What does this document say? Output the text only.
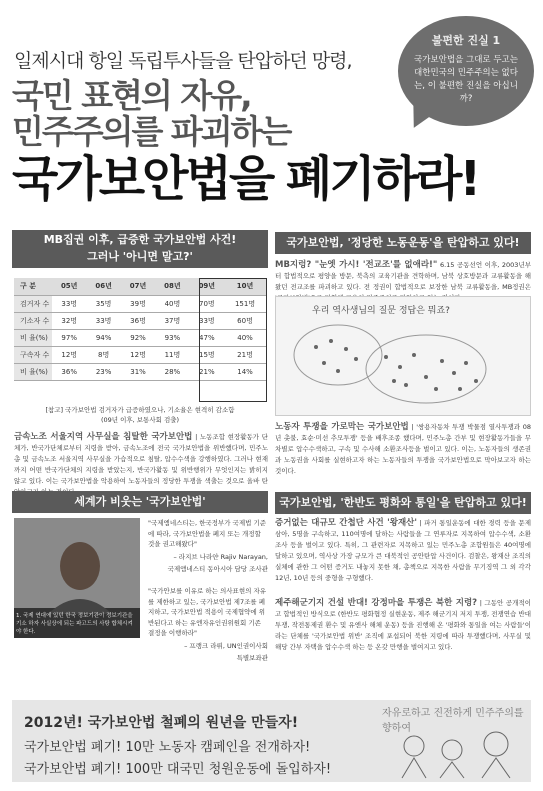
일제시대 항일 독립투사들을 탄압하던 망령,
국민 표현의 자유,
민주주의를 파괴하는
국가보안법을 폐기하라!
불편한 진실 1
국가보안법을 그대로 두고는 대한민국의 민주주의는 없다는, 이 불편한 진실을 아십니까?
MB집권 이후, 급증한 국가보안법 사건!
그러나 '아니면 말고?'
구 분	05년	06년	07년	08년	09년	10년
검거자 수	33명	35명	39명	40명	70명	151명
기소자 수	32명	33명	36명	37명	33명	60명
비 율(%)	97%	94%	92%	93%	47%	40%
구속자 수	12명	8명	12명	11명	15명	21명
비 율(%)	36%	23%	31%	28%	21%	14%
[참고] 국가보안법 검거자가 급증하였으나, 기소율은 현격히 감소함
(09년 이후, 보통사회 검출)
금속노조 서울지역 사무실을 침탈한 국가보안법 | 노동조합 현장활동가 단체가, 반국가단체로부터 지령을 받아, 금속노조에 전국 국가보안법을 위반했다며, 민주노총 및 금속노조 서울지역 사무실을 가습적으로 침탈, 압수수색을 강행하였다. 그러나 현재까지 어떤 반국가단체의 지령을 받았는지, 반국가활동 및 위반행위가 무엇인지는 밝히지 않고 있다. 이는 국가보안법을 악용하여 노동자들의 정당한 투쟁을 색출는 것으로 올바 탄
국가보안법, '정당한 노동운동'을 탄압하고 있다!
MB지렁? "눈엣 가시! '전교조'를 없애라!" 6.15 공동선언 이후, 2003년부터 합법적으로 평양을 방문, 북측의 교육기관을 견학하며, 남북 상호방문과 교류활동을 해왔던 전교조를 파괴하고 있다. 전 정권이 합법적으로 보장한 남북 교류활동을, MB정권은
우리 역사생님의 질문 정답은 뭐죠?
노동자 투쟁을 가로막는 국가보안법 | '쌍용자동차 투쟁 박물점 열사투쟁과 08년 촛불, 효순·미선 추모투쟁' 등을 배후조종 했다며, 민주노총 간부 및 현장활동가들을 무차별로 압수수색하고, 구속 및 수사해 소환조사등을 벌이고 있다. 이는, 노동자들의 생존권과 노동권을 사회를 실현하고자 하는 노동자들의 투쟁을 국가보안법으로 막아보고자 하는 것이다.
세계가 비웃는 '국가보안법'
1. 국제 연대에 있던 한국 정보기관이 정보기관을 기소 하자 사실상에 되는 파고드의 사탕 합체시켜야 한다.
"국제엠네스티는, 한국정부가 국제법 기준에 따라, 국가보안법을 폐지 또는 개정할 것을 권고해왔다"
– 라지브 나라얀 Rajiv Narayan,
국제앰네스티 동아시아 담당 조사관
"국가안보를 이유로 하는 의사표현의 자유를 제한하고 있는, 국가보안법 제7조를 폐지하고, 국가보안법 적용이 국제협약에 위반된다고 하는 유엔자유인권위원회 기존 결정을 이행하라"
– 프랭크 라뤼, UN인권이사회
특별보좌관
국가보안법, '한반도 평화와 통일'을 탄압하고 있다!
증거없는 대규모 간첩단 사건 '왕재산' | 파거 통일운동에 대한 경력 등을 문제삼아, 5명을 구속하고, 110여명에 달하는 사람들을 그 연루자로 지목하여 압수수색, 소환조사 등을 벌이고 있다. 특히, 그 관련자로 지목하고 있는 민주노총 조합원들은 40여명에 달하고 있으며, 역사상 가장 규모가 큰 대북적인 공안탄압 사건이다. 검찰은, 왕재산 조직의 실체에 관한 그 어떤 증거도 내놓지 못한 채, 총책으로 지목한 사람을 무기징역 그 외 각각 12년, 10년 등의 중형을 구형했다.
제주해군기지 건설 반대! 강정마을 투쟁은 북한 지령? | 그동안 공개적이고 합법적인 방식으로 (한반도 평화협정 실현운동, 제주 해군기지 저지 투쟁, 전쟁연습 반대투쟁, 작전통제권 환수 및 유엔사 해체 운동) 등을 진행해 온 '평화와 통일을 여는 사람들'이라는 단체를 '국가보안법 위반' 조직에 포섭되어 북한 지령에 따라 투쟁했다며, 사무실 및 해당 간부 자택을 압수수색 하는 등 온갖 만행을 벌여지고 있다.
2012년! 국가보안법 철폐의 원년을 만들자!
국가보안법 폐기! 10만 노동자 캠페인을 전개하자!
국가보안법 폐기! 100만 대국민 청원운동에 돌입하자!
자유로하고 진전하게 민주주의를 향하여
